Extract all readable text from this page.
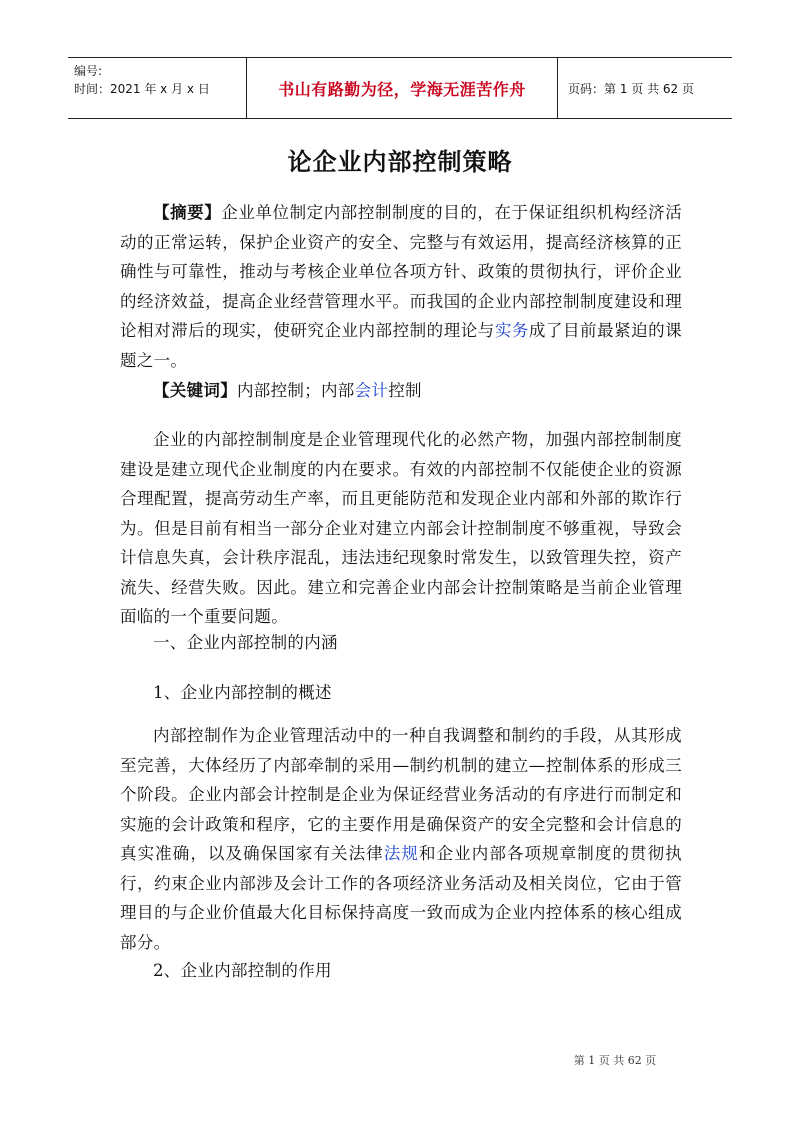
编号:
时间：2021 年 x 月 x 日	书山有路勤为径，学海无涯苦作舟	页码：第 1 页 共 62 页
论企业内部控制策略

【摘要】企业单位制定内部控制制度的目的，在于保证组织机构经济活动的正常运转，保护企业资产的安全、完整与有效运用，提高经济核算的正确性与可靠性，推动与考核企业单位各项方针、政策的贯彻执行，评价企业的经济效益，提高企业经营管理水平。而我国的企业内部控制制度建设和理论相对滞后的现实，使研究企业内部控制的理论与实务成了目前最紧迫的课题之一。

【关键词】内部控制；内部会计控制

企业的内部控制制度是企业管理现代化的必然产物，加强内部控制制度建设是建立现代企业制度的内在要求。有效的内部控制不仅能使企业的资源合理配置，提高劳动生产率，而且更能防范和发现企业内部和外部的欺诈行为。但是目前有相当一部分企业对建立内部会计控制制度不够重视，导致会计信息失真，会计秩序混乱，违法违纪现象时常发生，以致管理失控，资产流失、经营失败。因此。建立和完善企业内部会计控制策略是当前企业管理面临的一个重要问题。

一、企业内部控制的内涵

1、企业内部控制的概述

内部控制作为企业管理活动中的一种自我调整和制约的手段，从其形成至完善，大体经历了内部牵制的采用—制约机制的建立—控制体系的形成三个阶段。企业内部会计控制是企业为保证经营业务活动的有序进行而制定和实施的会计政策和程序，它的主要作用是确保资产的安全完整和会计信息的真实准确，以及确保国家有关法律法规和企业内部各项规章制度的贯彻执行，约束企业内部涉及会计工作的各项经济业务活动及相关岗位，它由于管理目的与企业价值最大化目标保持高度一致而成为企业内控体系的核心组成部分。

2、企业内部控制的作用

第 1 页 共 62 页
